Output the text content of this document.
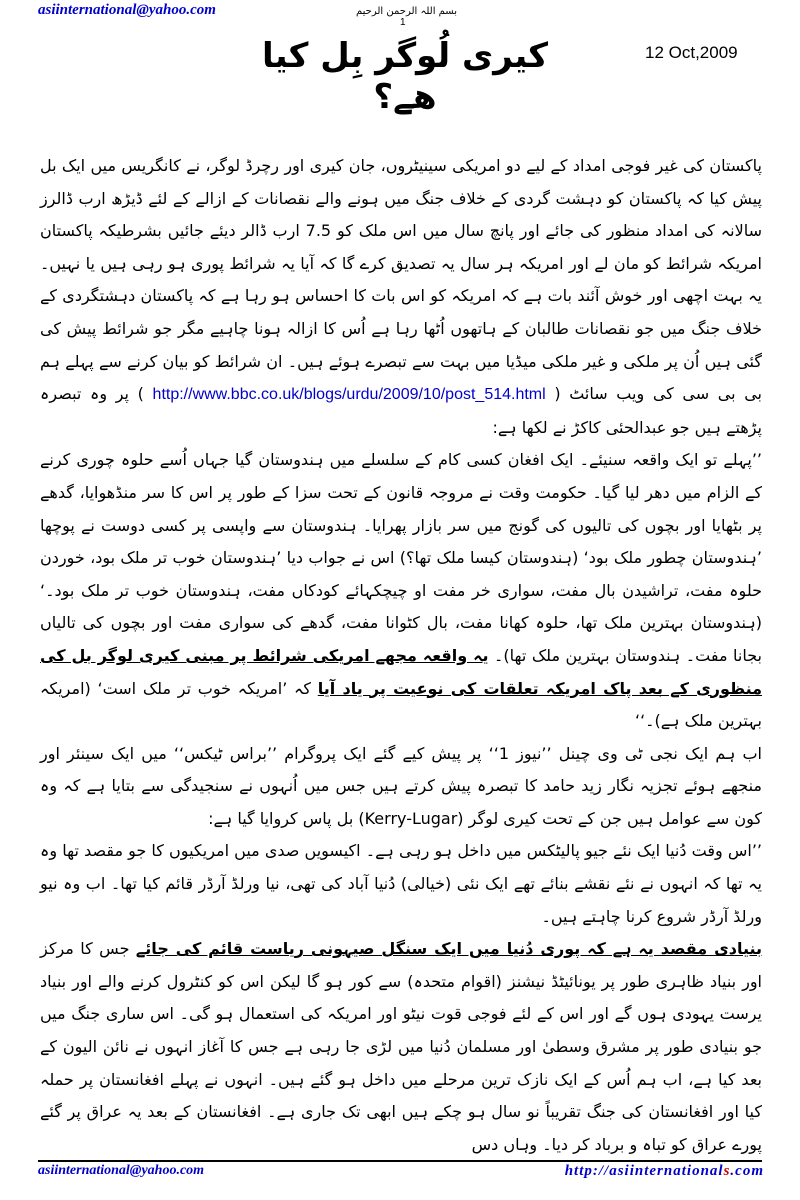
asiinternational@yahoo.com	بسم اللہ الرحمن الرحیم
1
کیری لُوگر بِل کیا ھے؟
12 Oct,2009

پاکستان کی غیر فوجی امداد کے لیے دو امریکی سینیٹروں، جان کیری اور رچرڈ لوگر، نے کانگریس میں ایک بل پیش کیا کہ پاکستان کو دہشت گردی کے خلاف جنگ میں ہونے والے نقصانات کے ازالے کے لئے ڈیڑھ ارب ڈالرز سالانہ کی امداد منظور کی جائے اور پانچ سال میں اس ملک کو 7.5 ارب ڈالر دیئے جائیں بشرطیکہ پاکستان امریکہ شرائط کو مان لے اور امریکہ ہر سال یہ تصدیق کرے گا کہ آیا یہ شرائط پوری ہو رہی ہیں یا نہیں۔ یہ بہت اچھی اور خوش آئند بات ہے کہ امریکہ کو اس بات کا احساس ہو رہا ہے کہ پاکستان دہشتگردی کے خلاف جنگ میں جو نقصانات طالبان کے ہاتھوں اُٹھا رہا ہے اُس کا ازالہ ہونا چاہیے مگر جو شرائط پیش کی گئی ہیں اُن پر ملکی و غیر ملکی میڈیا میں بہت سے تبصرے ہوئے ہیں۔ ان شرائط کو بیان کرنے سے پہلے ہم بی بی سی کی ویب سائٹ ( http://www.bbc.co.uk/blogs/urdu/2009/10/post_514.html ) پر وہ تبصرہ پڑھتے ہیں جو عبدالحئی کاکڑ نے لکھا ہے:

’’پہلے تو ایک واقعہ سنیئے۔ ایک افغان کسی کام کے سلسلے میں ہندوستان گیا جہاں اُسے حلوہ چوری کرنے کے الزام میں دھر لیا گیا۔ حکومت وقت نے مروجہ قانون کے تحت سزا کے طور پر اس کا سر منڈھوایا، گدھے پر بٹھایا اور بچوں کی تالیوں کی گونج میں سر بازار پھرایا۔ ہندوستان سے واپسی پر کسی دوست نے پوچھا ’ہندوستان چطور ملک بود‘ (ہندوستان کیسا ملک تھا؟) اس نے جواب دیا ’ہندوستان خوب تر ملک بود، خوردن حلوہ مفت، تراشیدن بال مفت، سواری خر مفت او چیچکہائے کودکاں مفت، ہندوستان خوب تر ملک بود۔‘ (ہندوستان بہترین ملک تھا، حلوہ کھانا مفت، بال کٹوانا مفت، گدھے کی سواری مفت اور بچوں کی تالیاں بجانا مفت۔ ہندوستان بہترین ملک تھا)۔ یہ واقعہ مجھے امریکی شرائط پر مبنی کیری لوگر بل کی منظوری کے بعد پاک امریکہ تعلقات کی نوعیت پر یاد آیا کہ ’امریکہ خوب تر ملک است‘ (امریکہ بہترین ملک ہے)۔‘‘

اب ہم ایک نجی ٹی وی چینل ’’نیوز 1‘‘ پر پیش کیے گئے ایک پروگرام ’’براس ٹیکس‘‘ میں ایک سینئر اور منجھے ہوئے تجزیہ نگار زید حامد کا تبصرہ پیش کرتے ہیں جس میں اُنہوں نے سنجیدگی سے بتایا ہے کہ وہ کون سے عوامل ہیں جن کے تحت کیری لوگر (Kerry-Lugar) بل پاس کروایا گیا ہے:

’’اس وقت دُنیا ایک نئے جیو پالیٹکس میں داخل ہو رہی ہے۔ اکیسویں صدی میں امریکیوں کا جو مقصد تھا وہ یہ تھا کہ انہوں نے نئے نقشے بنائے تھے ایک نئی (خیالی) دُنیا آباد کی تھی، نیا ورلڈ آرڈر قائم کیا تھا۔ اب وہ نیو ورلڈ آرڈر شروع کرنا چاہتے ہیں۔

بنیادی مقصد یہ ہے کہ پوری دُنیا میں ایک سنگل صیہونی ریاست قائم کی جائے جس کا مرکز اور بنیاد ظاہری طور پر یونائیٹڈ نیشنز (اقوام متحدہ) سے کور ہو گا لیکن اس کو کنٹرول کرنے والے اور بنیاد یرست یہودی ہوں گے اور اس کے لئے فوجی قوت نیٹو اور امریکہ کی استعمال ہو گی۔ اس ساری جنگ میں جو بنیادی طور پر مشرق وسطیٰ اور مسلمان دُنیا میں لڑی جا رہی ہے جس کا آغاز انہوں نے نائن الیون کے بعد کیا ہے، اب ہم اُس کے ایک نازک ترین مرحلے میں داخل ہو گئے ہیں۔ انہوں نے پہلے افغانستان پر حملہ کیا اور افغانستان کی جنگ تقریباً نو سال ہو چکے ہیں ابھی تک جاری ہے۔ افغانستان کے بعد یہ عراق پر گئے پورے عراق کو تباہ و برباد کر دیا۔ وہاں دس

asiinternational@yahoo.com	http://asiinternationals.com
